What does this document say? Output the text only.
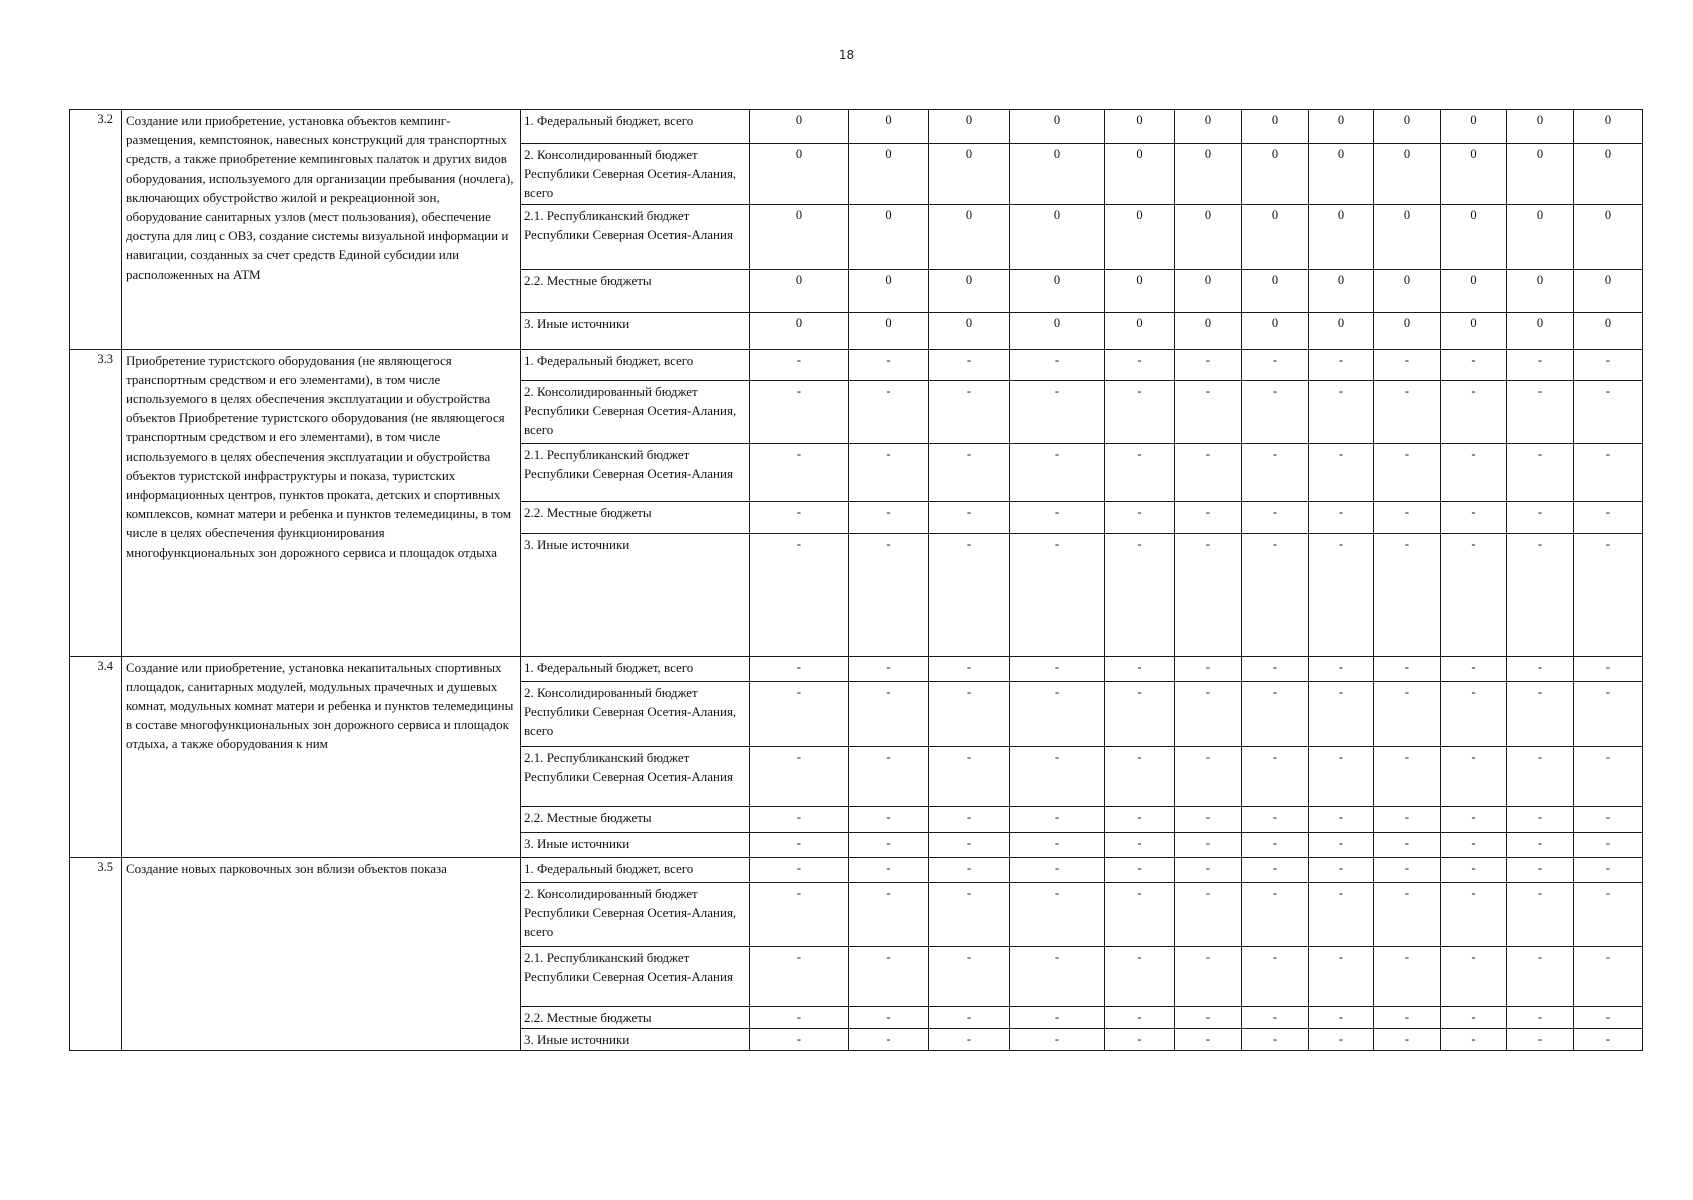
18
3.2	Создание или приобретение, установка объектов кемпинг-размещения, кемпстоянок, навесных конструкций для транспортных средств, а также приобретение кемпинговых палаток и других видов оборудования, используемого для организации пребывания (ночлега), включающих обустройство жилой и рекреационной зон, оборудование санитарных узлов (мест пользования), обеспечение доступа для лиц с ОВЗ, создание системы визуальной информации и навигации, созданных за счет средств Единой субсидии или расположенных на АТМ	1. Федеральный бюджет, всего	0	0	0	0	0	0	0	0	0	0	0	0
		2. Консолидированный бюджет Республики Северная Осетия-Алания, всего	0	0	0	0	0	0	0	0	0	0	0	0
		2.1. Республиканский бюджет Республики Северная Осетия-Алания	0	0	0	0	0	0	0	0	0	0	0	0
		2.2. Местные бюджеты	0	0	0	0	0	0	0	0	0	0	0	0
		3. Иные источники	0	0	0	0	0	0	0	0	0	0	0	0
3.3	Приобретение туристского оборудования (не являющегося транспортным средством и его элементами), в том числе используемого в целях обеспечения эксплуатации и обустройства объектов Приобретение туристского оборудования (не являющегося транспортным средством и его элементами), в том числе используемого в целях обеспечения эксплуатации и обустройства объектов туристской инфраструктуры и показа, туристских информационных центров, пунктов проката, детских и спортивных комплексов, комнат матери и ребенка и пунктов телемедицины, в том числе в целях обеспечения функционирования многофункциональных зон дорожного сервиса и площадок отдыха	1. Федеральный бюджет, всего	-	-	-	-	-	-	-	-	-	-	-	-
		2. Консолидированный бюджет Республики Северная Осетия-Алания, всего	-	-	-	-	-	-	-	-	-	-	-	-
		2.1. Республиканский бюджет Республики Северная Осетия-Алания	-	-	-	-	-	-	-	-	-	-	-	-
		2.2. Местные бюджеты	-	-	-	-	-	-	-	-	-	-	-	-
		3. Иные источники	-	-	-	-	-	-	-	-	-	-	-	-
3.4	Создание или приобретение, установка некапитальных спортивных площадок, санитарных модулей, модульных прачечных и душевых комнат, модульных комнат матери и ребенка и пунктов телемедицины в составе многофункциональных зон дорожного сервиса и площадок отдыха, а также оборудования к ним	1. Федеральный бюджет, всего	-	-	-	-	-	-	-	-	-	-	-	-
		2. Консолидированный бюджет Республики Северная Осетия-Алания, всего	-	-	-	-	-	-	-	-	-	-	-	-
		2.1. Республиканский бюджет Республики Северная Осетия-Алания	-	-	-	-	-	-	-	-	-	-	-	-
		2.2. Местные бюджеты	-	-	-	-	-	-	-	-	-	-	-	-
		3. Иные источники	-	-	-	-	-	-	-	-	-	-	-	-
3.5	Создание новых парковочных зон вблизи объектов показа	1. Федеральный бюджет, всего	-	-	-	-	-	-	-	-	-	-	-	-
		2. Консолидированный бюджет Республики Северная Осетия-Алания, всего	-	-	-	-	-	-	-	-	-	-	-	-
		2.1. Республиканский бюджет Республики Северная Осетия-Алания	-	-	-	-	-	-	-	-	-	-	-	-
		2.2. Местные бюджеты	-	-	-	-	-	-	-	-	-	-	-	-
		3. Иные источники	-	-	-	-	-	-	-	-	-	-	-	-
